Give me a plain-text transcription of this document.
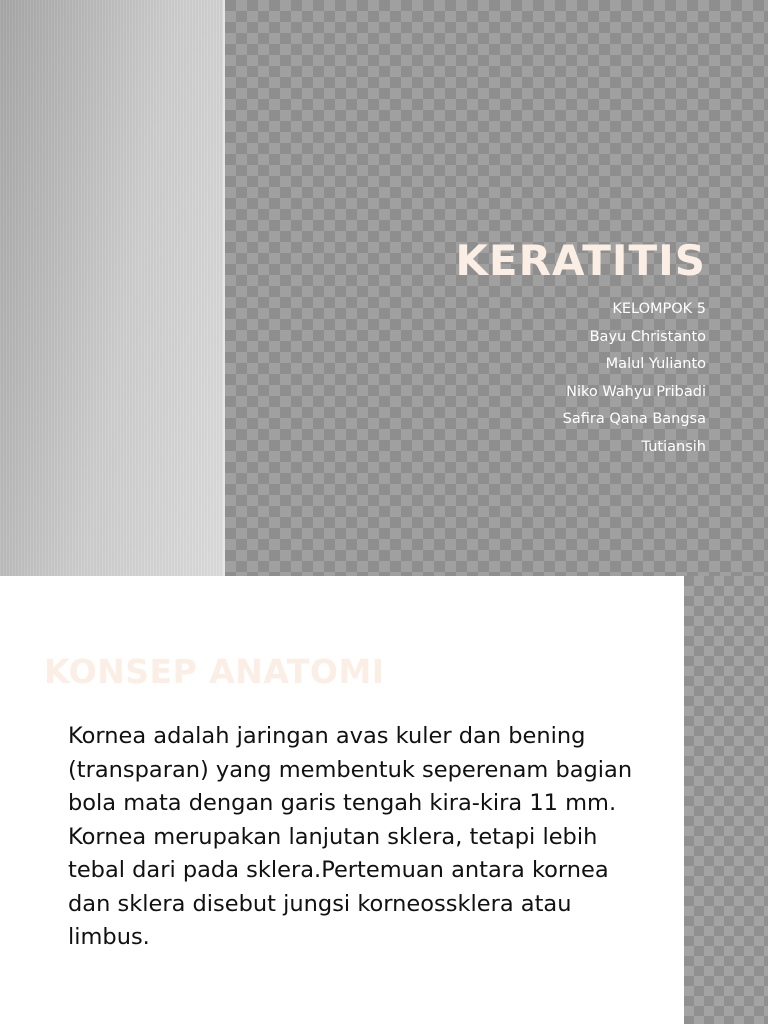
KERATITIS
KELOMPOK 5
Bayu Christanto
Malul Yulianto
Niko Wahyu Pribadi
Safira Qana Bangsa
Tutiansih
KONSEP ANATOMI

Kornea adalah jaringan avas kuler dan bening (transparan) yang membentuk seperenam bagian bola mata dengan garis tengah kira-kira 11 mm. Kornea merupakan lanjutan sklera, tetapi lebih tebal dari pada sklera.Pertemuan antara kornea dan sklera disebut jungsi korneossklera atau limbus.
